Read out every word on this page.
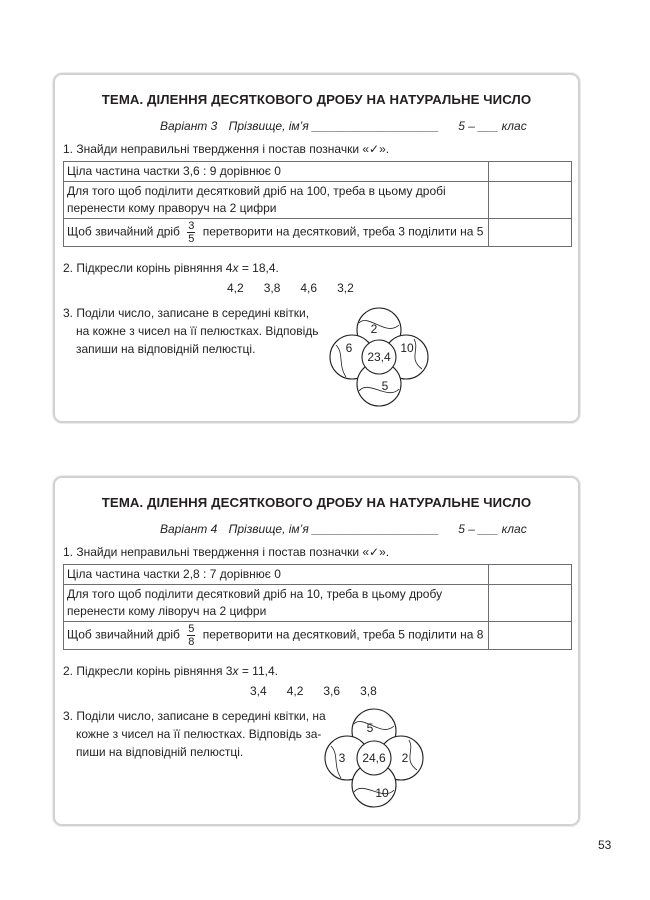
ТЕМА. ДІЛЕННЯ ДЕСЯТКОВОГО ДРОБУ НА НАТУРАЛЬНЕ ЧИСЛО
Варіант 3 Прізвище, ім’я ___________________ 5 – ___ клас
1. Знайди неправильні твердження і постав позначки «✓».
Ціла частина частки 3,6 : 9 дорівнює 0	
Для того щоб поділити десятковий дріб на 100, треба в цьому дробі перенести кому праворуч на 2 цифри	
Щоб звичайний дріб $\frac{3}{5}$ перетворити на десятковий, треба 3 поділити на 5	
2. Підкресли корінь рівняння 4x = 18,4.
4,2 3,8 4,6 3,2
3. Поділи число, записане в середині квітки,
на кожне з чисел на її пелюстках. Відповідь
запиши на відповідній пелюстці.
2
6	10
5
23,4
ТЕМА. ДІЛЕННЯ ДЕСЯТКОВОГО ДРОБУ НА НАТУРАЛЬНЕ ЧИСЛО
Варіант 4 Прізвище, ім’я ___________________ 5 – ___ клас
1. Знайди неправильні твердження і постав позначки «✓».
Ціла частина частки 2,8 : 7 дорівнює 0	
Для того щоб поділити десятковий дріб на 10, треба в цьому дробу перенести кому ліворуч на 2 цифри	
Щоб звичайний дріб $\frac{5}{8}$ перетворити на десятковий, треба 5 поділити на 8	
2. Підкресли корінь рівняння 3x = 11,4.
3,4 4,2 3,6 3,8
3. Поділи число, записане в середині квітки, на
кожне з чисел на її пелюстках. Відповідь за-
пиши на відповідній пелюстці.
5
3	2
10
24,6
53
